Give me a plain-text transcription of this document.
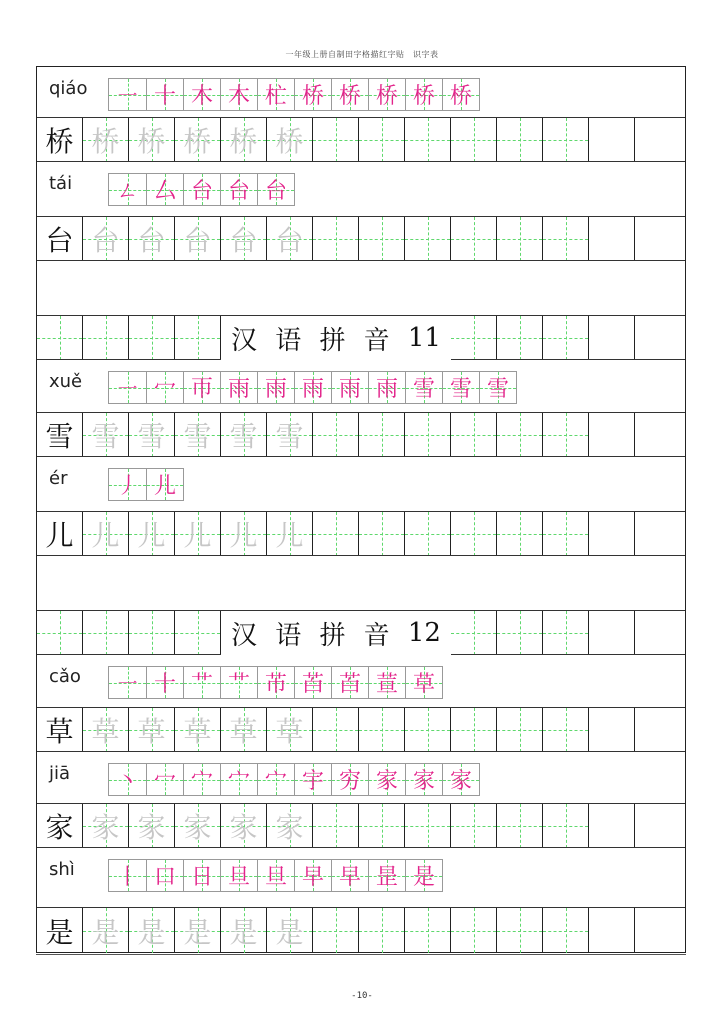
一年级上册自制田字格描红字贴　识字表
qiáo	㇐ 十 木 木 杧 桥 桥 桥 桥 桥
桥 桥 桥 桥 桥 桥
tái	ㄥ 厶 台 台 台
台 台 台 台 台 台
汉 语 拼 音 11
xuě	㇐ 冖 帀 雨 雨 雨 雨 雨 雪 雪 雪
雪 雪 雪 雪 雪 雪
ér	丿 儿
儿 儿 儿 儿 儿 儿
汉 语 拼 音 12
cǎo	㇐ 十 艹 艹 芇 苩 苩 荁 草
草 草 草 草 草 草
jiā	丶 冖 宀 宀 宀 宇 穷 家 家 家
家 家 家 家 家 家
shì	丨 口 日 旦 旦 早 早 昰 是
是 是 是 是 是 是
-10-
